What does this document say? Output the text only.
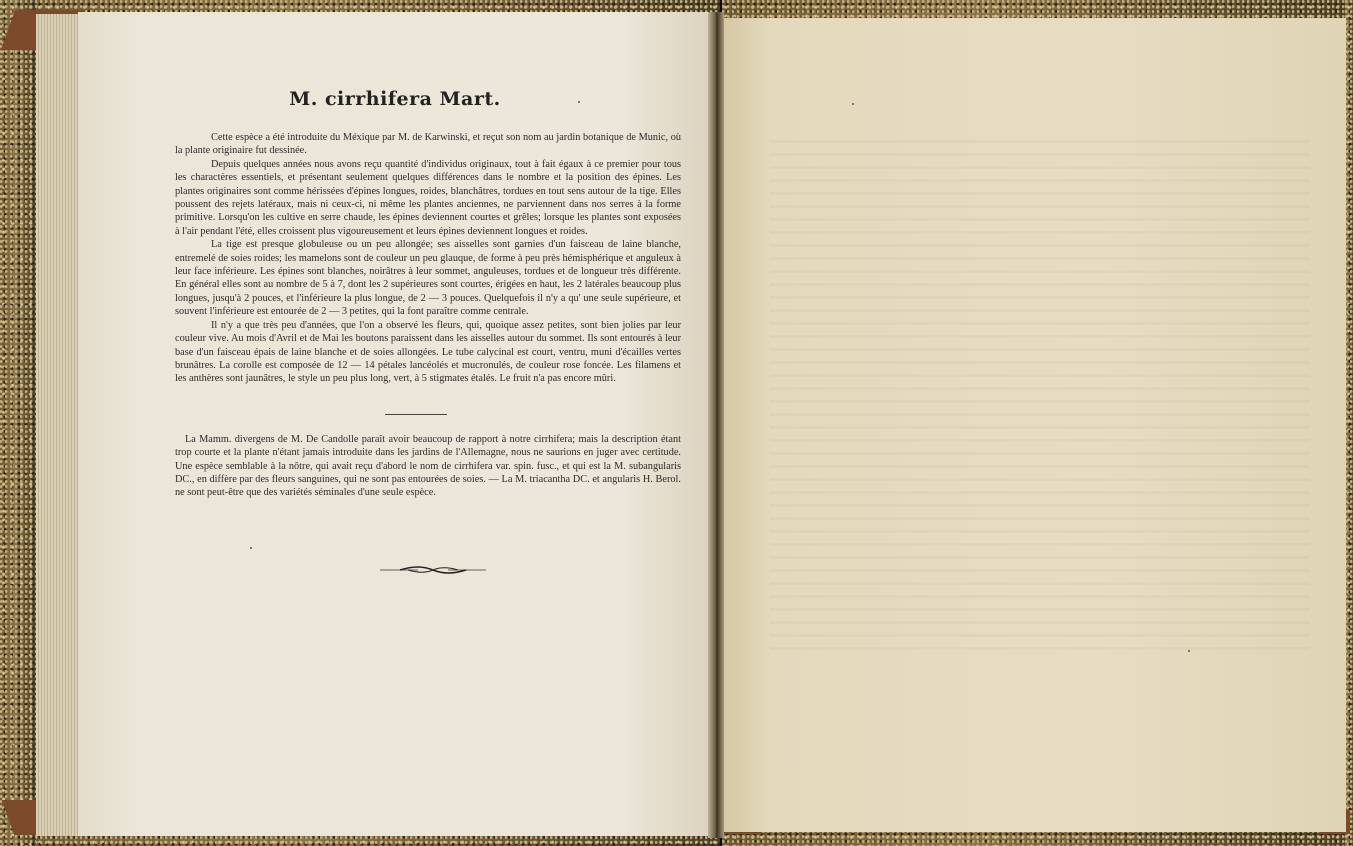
M. cirrhifera Mart.

Cette espèce a été introduite du Méxique par M. de Karwinski, et reçut son nom au jardin botanique de Munic, où la plante originaire fut dessinée.

Depuis quelques années nous avons reçu quantité d'individus originaux, tout à fait égaux à ce premier pour tous les charactères essentiels, et présentant seulement quelques différences dans le nombre et la position des épines. Les plantes originaires sont comme hérissées d'épines longues, roides, blanchâtres, tordues en tout sens autour de la tige. Elles poussent des rejets latéraux, mais ni ceux-ci, ni même les plantes anciennes, ne parviennent dans nos serres à la forme primitive. Lorsqu'on les cultive en serre chaude, les épines deviennent courtes et grêles; lorsque les plantes sont exposées à l'air pendant l'été, elles croissent plus vigoureusement et leurs épines deviennent longues et roides.

La tige est presque globuleuse ou un peu allongée; ses aisselles sont garnies d'un faisceau de laine blanche, entremelé de soies roides; les mamelons sont de couleur un peu glauque, de forme à peu près hémisphérique et anguleux à leur face inférieure. Les épines sont blanches, noirâtres à leur sommet, anguleuses, tordues et de longueur très différente. En général elles sont au nombre de 5 à 7, dont les 2 supérieures sont courtes, érigées en haut, les 2 latérales beaucoup plus longues, jusqu'à 2 pouces, et l'inférieure la plus longue, de 2 — 3 pouces. Quelquefois il n'y a qu' une seule supérieure, et souvent l'inférieure est entourée de 2 — 3 petites, qui la font paraître comme centrale.

Il n'y a que très peu d'années, que l'on a observé les fleurs, qui, quoique assez petites, sont bien jolies par leur couleur vive. Au mois d'Avril et de Mai les boutons paraissent dans les aisselles autour du sommet. Ils sont entourés à leur base d'un faisceau épais de laine blanche et de soies allongées. Le tube calycinal est court, ventru, muni d'écailles vertes brunâtres. La corolle est composée de 12 — 14 pétales lancéolés et mucronulés, de couleur rose foncée. Les filamens et les anthères sont jaunâtres, le style un peu plus long, vert, à 5 stigmates étalés. Le fruit n'a pas encore mûri.

La Mamm. divergens de M. De Candolle paraît avoir beaucoup de rapport à notre cirrhifera; mais la description étant trop courte et la plante n'étant jamais introduite dans les jardins de l'Allemagne, nous ne saurions en juger avec certitude. Une espèce semblable à la nôtre, qui avait reçu d'abord le nom de cirrhifera var. spin. fusc., et qui est la M. subangularis DC., en diffère par des fleurs sanguines, qui ne sont pas entourées de soies. — La M. triacantha DC. et angularis H. Berol. ne sont peut-être que des variétés séminales d'une seule espèce.
